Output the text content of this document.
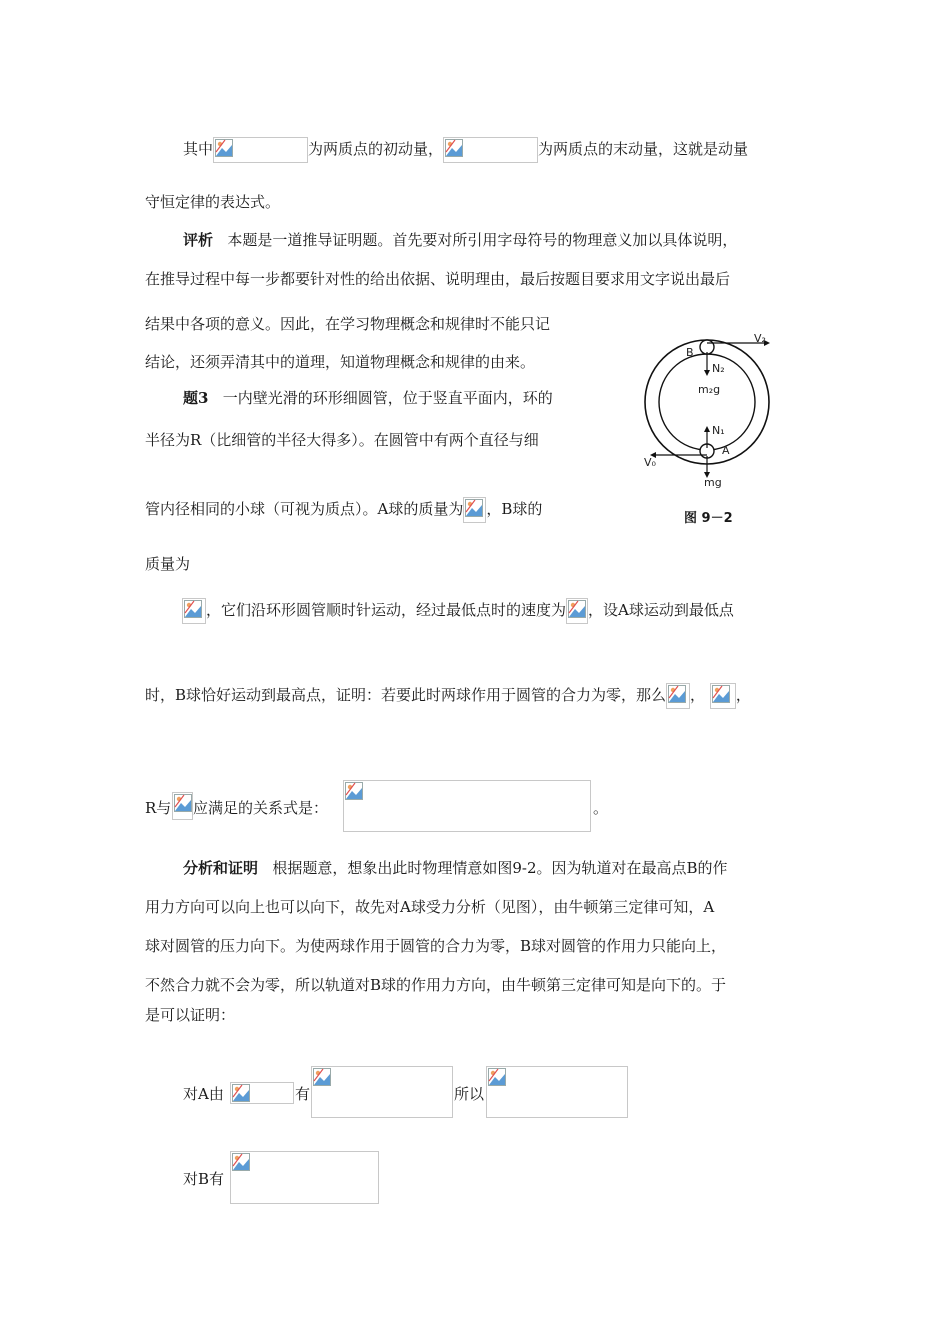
其中	为两质点的初动量，	为两质点的末动量，这就是动量
守恒定律的表达式。
评析 本题是一道推导证明题。首先要对所引用字母符号的物理意义加以具体说明，
在推导过程中每一步都要针对性的给出依据、说明理由，最后按题目要求用文字说出最后
结果中各项的意义。因此，在学习物理概念和规律时不能只记
结论，还须弄清其中的道理，知道物理概念和规律的由来。
题3 一内壁光滑的环形细圆管，位于竖直平面内，环的
半径为R（比细管的半径大得多）。在圆管中有两个直径与细
管内径相同的小球（可视为质点）。A球的质量为 ，B球的
质量为
，它们沿环形圆管顺时针运动，经过最低点时的速度为 ，设A球运动到最低点
时，B球恰好运动到最高点，证明：若要此时两球作用于圆管的合力为零，那么 ， ，
R与 应满足的关系式是：	。
分析和证明 根据题意，想象出此时物理情意如图9-2。因为轨道对在最高点B的作
用力方向可以向上也可以向下，故先对A球受力分析（见图），由牛顿第三定律可知，A
球对圆管的压力向下。为使两球作用于圆管的合力为零，B球对圆管的作用力只能向上，
不然合力就不会为零，所以轨道对B球的作用力方向，由牛顿第三定律可知是向下的。于
是可以证明：
对A由	有	所以
对B有
V₂
B
N₂
m₂g
N₁
A
V₀
mg
图 9－2
